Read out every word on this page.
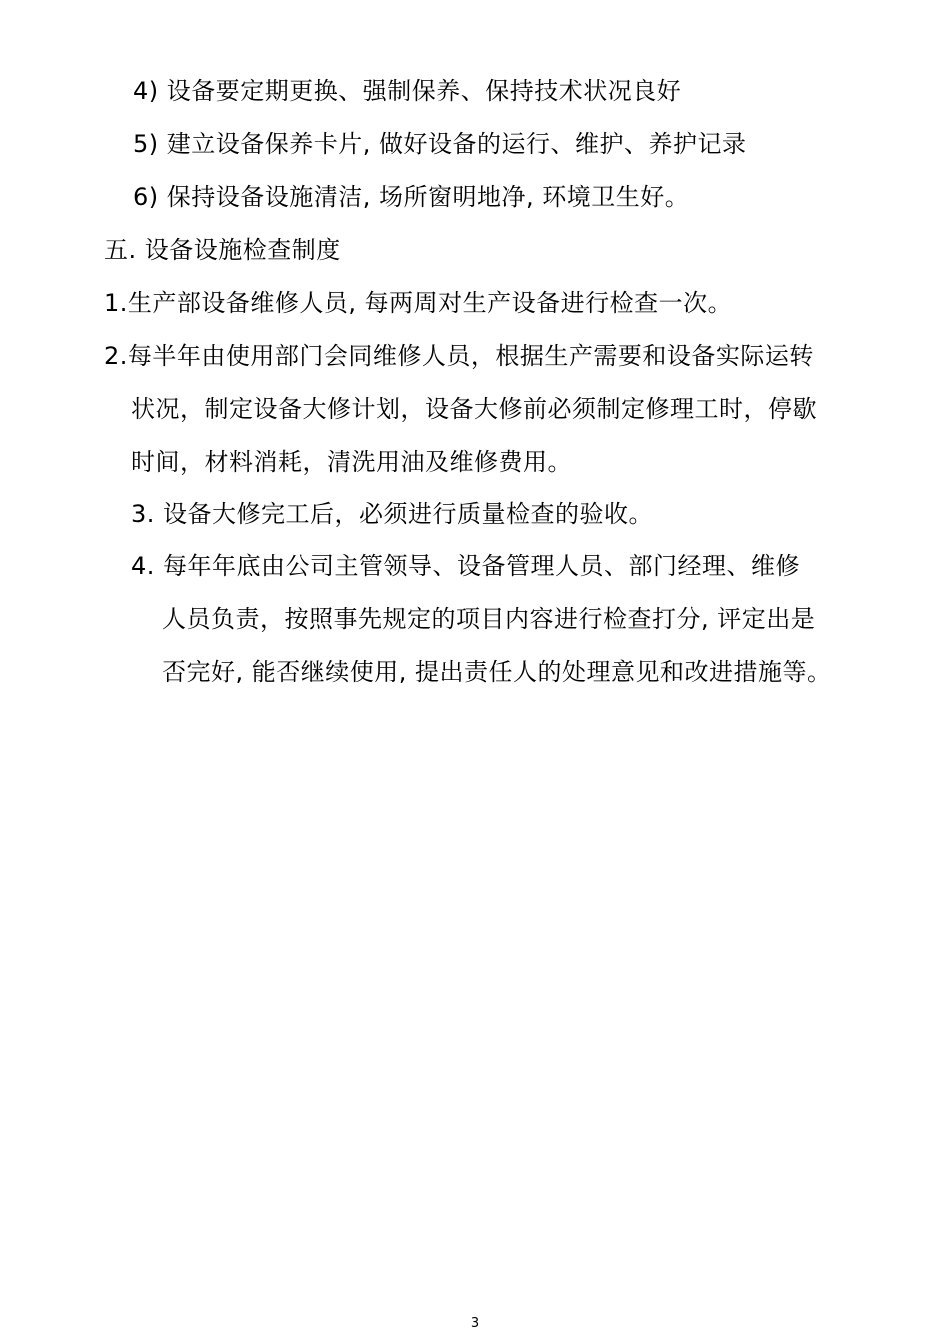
4) 设备要定期更换、强制保养、保持技术状况良好
5) 建立设备保养卡片, 做好设备的运行、维护、养护记录
6) 保持设备设施清洁, 场所窗明地净, 环境卫生好。
五. 设备设施检查制度
1.生产部设备维修人员, 每两周对生产设备进行检查一次。
2.每半年由使用部门会同维修人员，根据生产需要和设备实际运转
状况，制定设备大修计划，设备大修前必须制定修理工时，停歇
时间，材料消耗，清洗用油及维修费用。
3. 设备大修完工后，必须进行质量检查的验收。
4. 每年年底由公司主管领导、设备管理人员、部门经理、维修
人员负责，按照事先规定的项目内容进行检查打分, 评定出是
否完好, 能否继续使用, 提出责任人的处理意见和改进措施等。
3
